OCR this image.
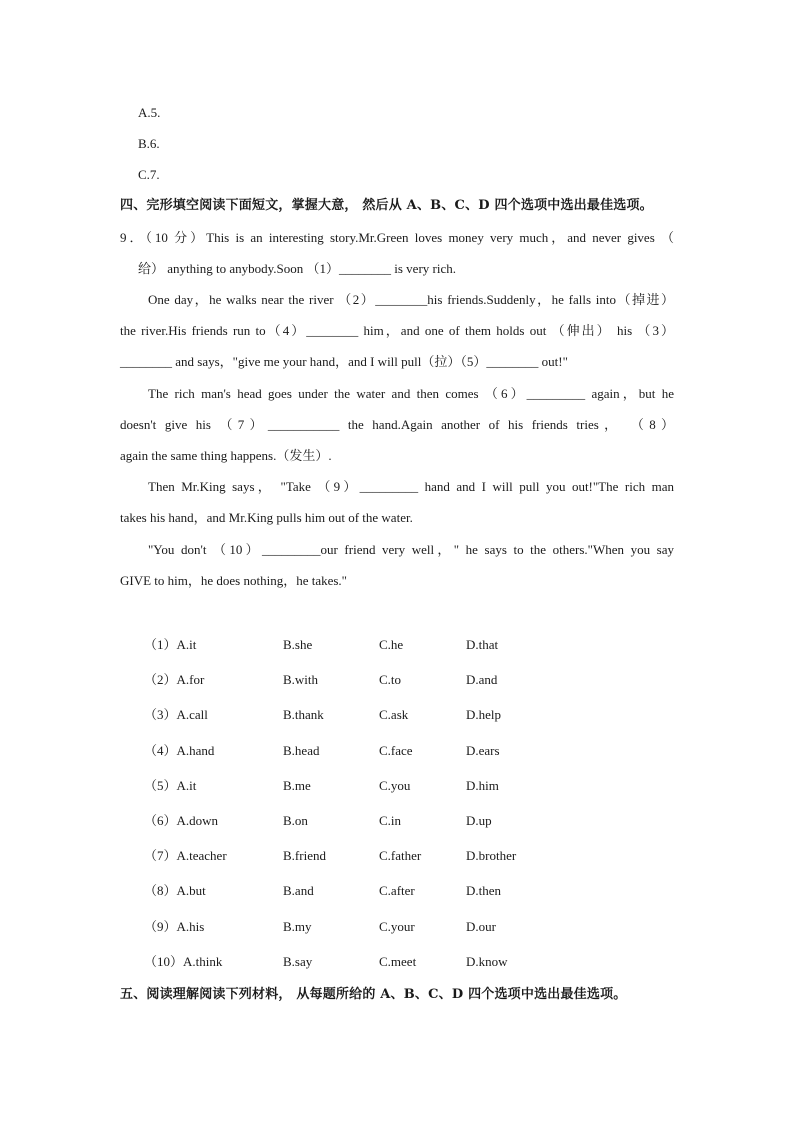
A.5.
B.6.
C.7.
四、完形填空阅读下面短文，掌握大意， 然后从 A、B、C、D 四个选项中选出最佳选项。
9．（10 分）This is an interesting story.Mr.Green loves money very much，and never gives （
给） anything to anybody.Soon （1）________ is very rich.
One day，he walks near the river （2）________his friends.Suddenly，he falls into（掉进）
the river.His friends run to（4）________ him，and one of them holds out （伸出） his （3）
________ and says，"give me your hand，and I will pull（拉）（5）________ out!"
The rich man's head goes under the water and then comes （6）_________ again，but he
doesn't give his （7）___________ the hand.Again another of his friends tries， （8）
again the same thing happens.（发生）.
Then Mr.King says， "Take （9）_________ hand and I will pull you out!"The rich man
takes his hand，and Mr.King pulls him out of the water.
"You don't （10）_________our friend very well，" he says to the others."When you say
GIVE to him，he does nothing，he takes."
（1）A.it	B.she	C.he	D.that
（2）A.for	B.with	C.to	D.and
（3）A.call	B.thank	C.ask	D.help
（4）A.hand	B.head	C.face	D.ears
（5）A.it	B.me	C.you	D.him
（6）A.down	B.on	C.in	D.up
（7）A.teacher	B.friend	C.father	D.brother
（8）A.but	B.and	C.after	D.then
（9）A.his	B.my	C.your	D.our
（10）A.think	B.say	C.meet	D.know
五、阅读理解阅读下列材料， 从每题所给的 A、B、C、D 四个选项中选出最佳选项。
